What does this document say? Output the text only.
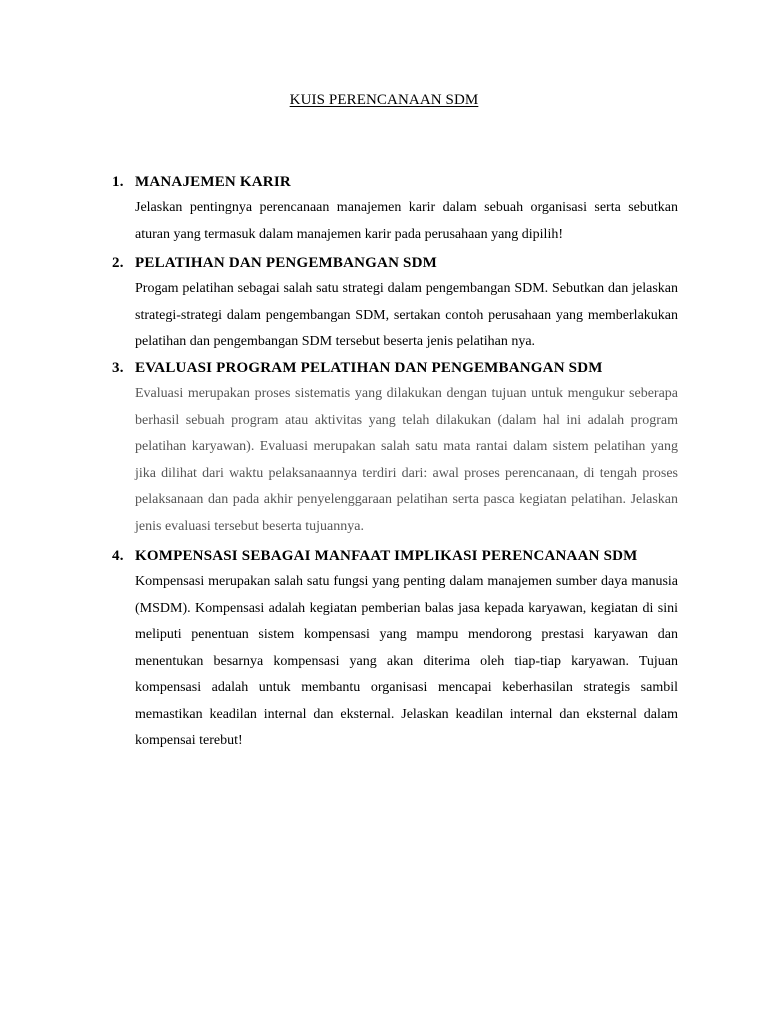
KUIS PERENCANAAN SDM
1. MANAJEMEN KARIR
Jelaskan pentingnya perencanaan manajemen karir dalam sebuah organisasi serta sebutkan aturan yang termasuk dalam manajemen karir pada perusahaan yang dipilih!
2. PELATIHAN DAN PENGEMBANGAN SDM
Progam pelatihan sebagai salah satu strategi dalam pengembangan SDM. Sebutkan dan jelaskan strategi-strategi dalam pengembangan SDM, sertakan contoh perusahaan yang memberlakukan pelatihan dan pengembangan SDM tersebut beserta jenis pelatihan nya.
3. EVALUASI PROGRAM PELATIHAN DAN PENGEMBANGAN SDM
Evaluasi merupakan proses sistematis yang dilakukan dengan tujuan untuk mengukur seberapa berhasil sebuah program atau aktivitas yang telah dilakukan (dalam hal ini adalah program pelatihan karyawan). Evaluasi merupakan salah satu mata rantai dalam sistem pelatihan yang jika dilihat dari waktu pelaksanaannya terdiri dari: awal proses perencanaan, di tengah proses pelaksanaan dan pada akhir penyelenggaraan pelatihan serta pasca kegiatan pelatihan. Jelaskan jenis evaluasi tersebut beserta tujuannya.
4. KOMPENSASI SEBAGAI MANFAAT IMPLIKASI PERENCANAAN SDM
Kompensasi merupakan salah satu fungsi yang penting dalam manajemen sumber daya manusia (MSDM). Kompensasi adalah kegiatan pemberian balas jasa kepada karyawan, kegiatan di sini meliputi penentuan sistem kompensasi yang mampu mendorong prestasi karyawan dan menentukan besarnya kompensasi yang akan diterima oleh tiap-tiap karyawan. Tujuan kompensasi adalah untuk membantu organisasi mencapai keberhasilan strategis sambil memastikan keadilan internal dan eksternal. Jelaskan keadilan internal dan eksternal dalam kompensai terebut!
